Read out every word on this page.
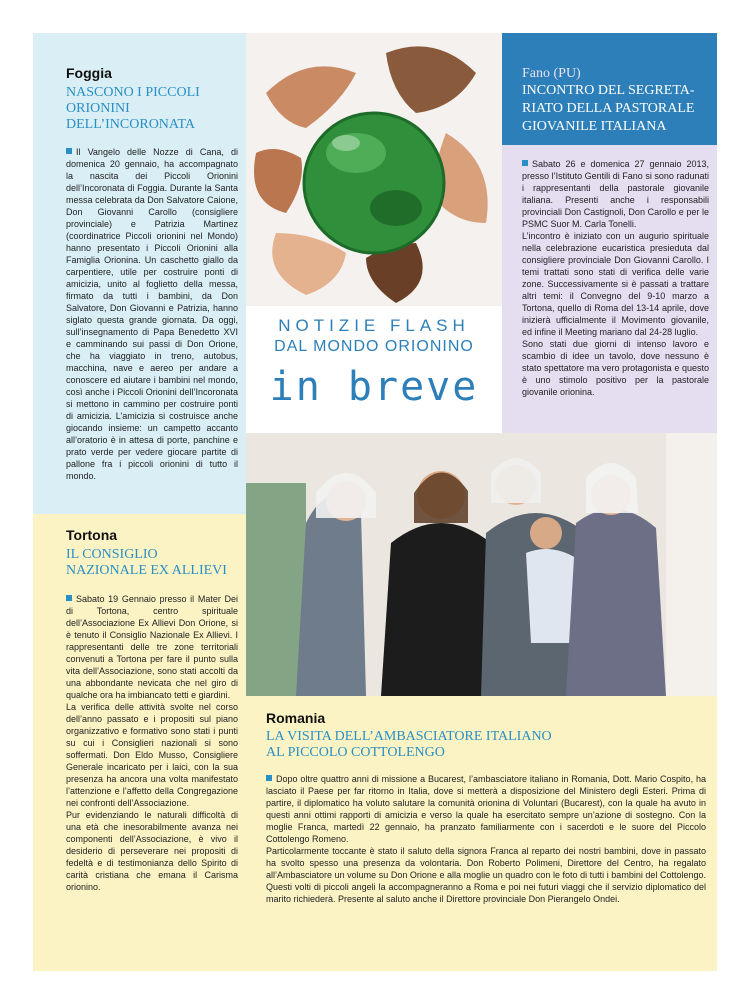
Foggia
NASCONO I PICCOLI
ORIONINI
DELL’INCORONATA
Il Vangelo delle Nozze di Cana, di domenica 20 gennaio, ha accompagnato la nascita dei Piccoli Orionini dell’Incoronata di Foggia. Durante la Santa messa celebrata da Don Salvatore Caione, Don Giovanni Carollo (consigliere provinciale) e Patrizia Martinez (coordinatrice Piccoli orionini nel Mondo) hanno presentato i Piccoli Orionini alla Famiglia Orionina. Un caschetto giallo da carpentiere, utile per costruire ponti di amicizia, unito al foglietto della messa, firmato da tutti i bambini, da Don Salvatore, Don Giovanni e Patrizia, hanno siglato questa grande giornata. Da oggi, sull’insegnamento di Papa Benedetto XVI e camminando sui passi di Don Orione, che ha viaggiato in treno, autobus, macchina, nave e aereo per andare a conoscere ed aiutare i bambini nel mondo, così anche i Piccoli Orionini dell’Incoronata si mettono in cammino per costruire ponti di amicizia. L’amicizia si costruisce anche giocando insieme: un campetto accanto all’oratorio è in attesa di porte, panchine e prato verde per vedere giocare partite di pallone fra i piccoli orionini di tutto il mondo.
Tortona
IL CONSIGLIO
NAZIONALE EX ALLIEVI
Sabato 19 Gennaio presso il Mater Dei di Tortona, centro spirituale dell’Associazione Ex Allievi Don Orione, si è tenuto il Consiglio Nazionale Ex Allievi. I rappresentanti delle tre zone territoriali convenuti a Tortona per fare il punto sulla vita dell’Associazione, sono stati accolti da una abbondante nevicata che nel giro di qualche ora ha imbiancato tetti e giardini.
La verifica delle attività svolte nel corso dell’anno passato e i propositi sul piano organizzativo e formativo sono stati i punti su cui i Consiglieri nazionali si sono soffermati. Don Eldo Musso, Consigliere Generale incaricato per i laici, con la sua presenza ha ancora una volta manifestato l’attenzione e l’affetto della Congregazione nei confronti dell’Associazione.
Pur evidenziando le naturali difficoltà di una età che inesorabilmente avanza nei componenti dell’Associazione, è vivo il desiderio di perseverare nei propositi di fedeltà e di testimonianza dello Spirito di carità cristiana che emana il Carisma orionino.
Fano (PU)
INCONTRO DEL SEGRETA-
RIATO DELLA PASTORALE
GIOVANILE ITALIANA
Sabato 26 e domenica 27 gennaio 2013, presso l’Istituto Gentili di Fano si sono radunati i rappresentanti della pastorale giovanile italiana. Presenti anche i responsabili provinciali Don Castignoli, Don Carollo e per le PSMC Suor M. Carla Tonelli.
L’incontro è iniziato con un augurio spirituale nella celebrazione eucaristica presieduta dal consigliere provinciale Don Giovanni Carollo. I temi trattati sono stati di verifica delle varie zone. Successivamente si è passati a trattare altri temi: il Convegno del 9-10 marzo a Tortona, quello di Roma del 13-14 aprile, dove inizierà ufficialmente il Movimento giovanile, ed infine il Meeting mariano dal 24-28 luglio.
Sono stati due giorni di intenso lavoro e scambio di idee un tavolo, dove nessuno è stato spettatore ma vero protagonista e questo è uno stimolo positivo per la pastorale giovanile orionina.
NOTIZIE FLASH
DAL MONDO ORIONINO
in breve
Romania
LA VISITA DELL’AMBASCIATORE ITALIANO
AL PICCOLO COTTOLENGO
Dopo oltre quattro anni di missione a Bucarest, l’ambasciatore italiano in Romania, Dott. Mario Cospito, ha lasciato il Paese per far ritorno in Italia, dove si metterà a disposizione del Ministero degli Esteri. Prima di partire, il diplomatico ha voluto salutare la comunità orionina di Voluntari (Bucarest), con la quale ha avuto in questi anni ottimi rapporti di amicizia e verso la quale ha esercitato sempre un’azione di sostegno. Con la moglie Franca, martedì 22 gennaio, ha pranzato familiarmente con i sacerdoti e le suore del Piccolo Cottolengo Romeno.
Particolarmente toccante è stato il saluto della signora Franca al reparto dei nostri bambini, dove in passato ha svolto spesso una presenza da volontaria. Don Roberto Polimeni, Direttore del Centro, ha regalato all’Ambasciatore un volume su Don Orione e alla moglie un quadro con le foto di tutti i bambini del Cottolengo. Questi volti di piccoli angeli la accompagneranno a Roma e poi nei futuri viaggi che il servizio diplomatico del marito richiederà. Presente al saluto anche il Direttore provinciale Don Pierangelo Ondei.
